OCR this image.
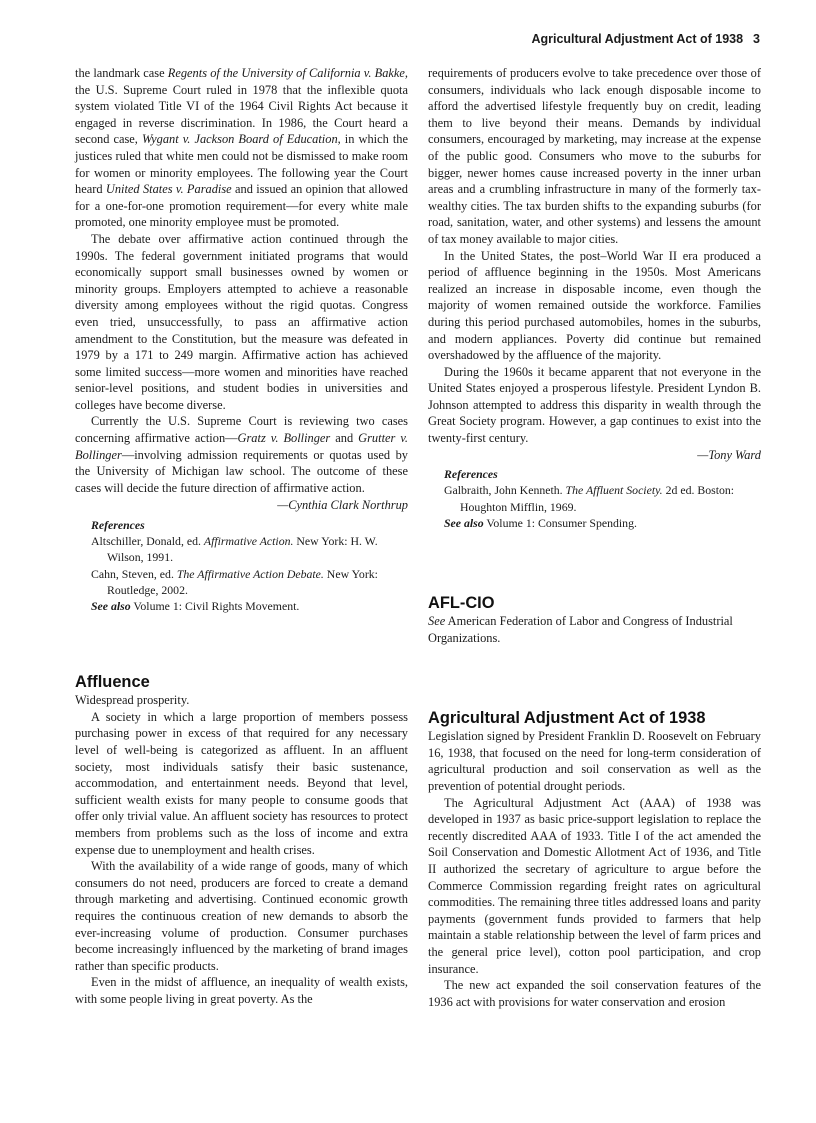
Agricultural Adjustment Act of 1938 3

the landmark case Regents of the University of California v. Bakke, the U.S. Supreme Court ruled in 1978 that the inflexible quota system violated Title VI of the 1964 Civil Rights Act because it engaged in reverse discrimination. In 1986, the Court heard a second case, Wygant v. Jackson Board of Education, in which the justices ruled that white men could not be dismissed to make room for women or minority employees. The following year the Court heard United States v. Paradise and issued an opinion that allowed for a one-for-one promotion requirement—for every white male promoted, one minority employee must be promoted.

The debate over affirmative action continued through the 1990s. The federal government initiated programs that would economically support small businesses owned by women or minority groups. Employers attempted to achieve a reasonable diversity among employees without the rigid quotas. Congress even tried, unsuccessfully, to pass an affirmative action amendment to the Constitution, but the measure was defeated in 1979 by a 171 to 249 margin. Affirmative action has achieved some limited success—more women and minorities have reached senior-level positions, and student bodies in universities and colleges have become diverse.

Currently the U.S. Supreme Court is reviewing two cases concerning affirmative action—Gratz v. Bollinger and Grutter v. Bollinger—involving admission requirements or quotas used by the University of Michigan law school. The outcome of these cases will decide the future direction of affirmative action.

—Cynthia Clark Northrup

References
Altschiller, Donald, ed. Affirmative Action. New York: H. W. Wilson, 1991.
Cahn, Steven, ed. The Affirmative Action Debate. New York: Routledge, 2002.
See also Volume 1: Civil Rights Movement.
Affluence

Widespread prosperity.

A society in which a large proportion of members possess purchasing power in excess of that required for any necessary level of well-being is categorized as affluent. In an affluent society, most individuals satisfy their basic sustenance, accommodation, and entertainment needs. Beyond that level, sufficient wealth exists for many people to consume goods that offer only trivial value. An affluent society has resources to protect members from problems such as the loss of income and extra expense due to unemployment and health crises.

With the availability of a wide range of goods, many of which consumers do not need, producers are forced to create a demand through marketing and advertising. Continued economic growth requires the continuous creation of new demands to absorb the ever-increasing volume of production. Consumer purchases become increasingly influenced by the marketing of brand images rather than specific products.

Even in the midst of affluence, an inequality of wealth exists, with some people living in great poverty. As the

requirements of producers evolve to take precedence over those of consumers, individuals who lack enough disposable income to afford the advertised lifestyle frequently buy on credit, leading them to live beyond their means. Demands by individual consumers, encouraged by marketing, may increase at the expense of the public good. Consumers who move to the suburbs for bigger, newer homes cause increased poverty in the inner urban areas and a crumbling infrastructure in many of the formerly tax-wealthy cities. The tax burden shifts to the expanding suburbs (for road, sanitation, water, and other systems) and lessens the amount of tax money available to major cities.

In the United States, the post–World War II era produced a period of affluence beginning in the 1950s. Most Americans realized an increase in disposable income, even though the majority of women remained outside the workforce. Families during this period purchased automobiles, homes in the suburbs, and modern appliances. Poverty did continue but remained overshadowed by the affluence of the majority.

During the 1960s it became apparent that not everyone in the United States enjoyed a prosperous lifestyle. President Lyndon B. Johnson attempted to address this disparity in wealth through the Great Society program. However, a gap continues to exist into the twenty-first century.

—Tony Ward

References
Galbraith, John Kenneth. The Affluent Society. 2d ed. Boston: Houghton Mifflin, 1969.
See also Volume 1: Consumer Spending.
AFL-CIO

See American Federation of Labor and Congress of Industrial Organizations.

Agricultural Adjustment Act of 1938

Legislation signed by President Franklin D. Roosevelt on February 16, 1938, that focused on the need for long-term consideration of agricultural production and soil conservation as well as the prevention of potential drought periods.

The Agricultural Adjustment Act (AAA) of 1938 was developed in 1937 as basic price-support legislation to replace the recently discredited AAA of 1933. Title I of the act amended the Soil Conservation and Domestic Allotment Act of 1936, and Title II authorized the secretary of agriculture to argue before the Commerce Commission regarding freight rates on agricultural commodities. The remaining three titles addressed loans and parity payments (government funds provided to farmers that help maintain a stable relationship between the level of farm prices and the general price level), cotton pool participation, and crop insurance.

The new act expanded the soil conservation features of the 1936 act with provisions for water conservation and erosion
